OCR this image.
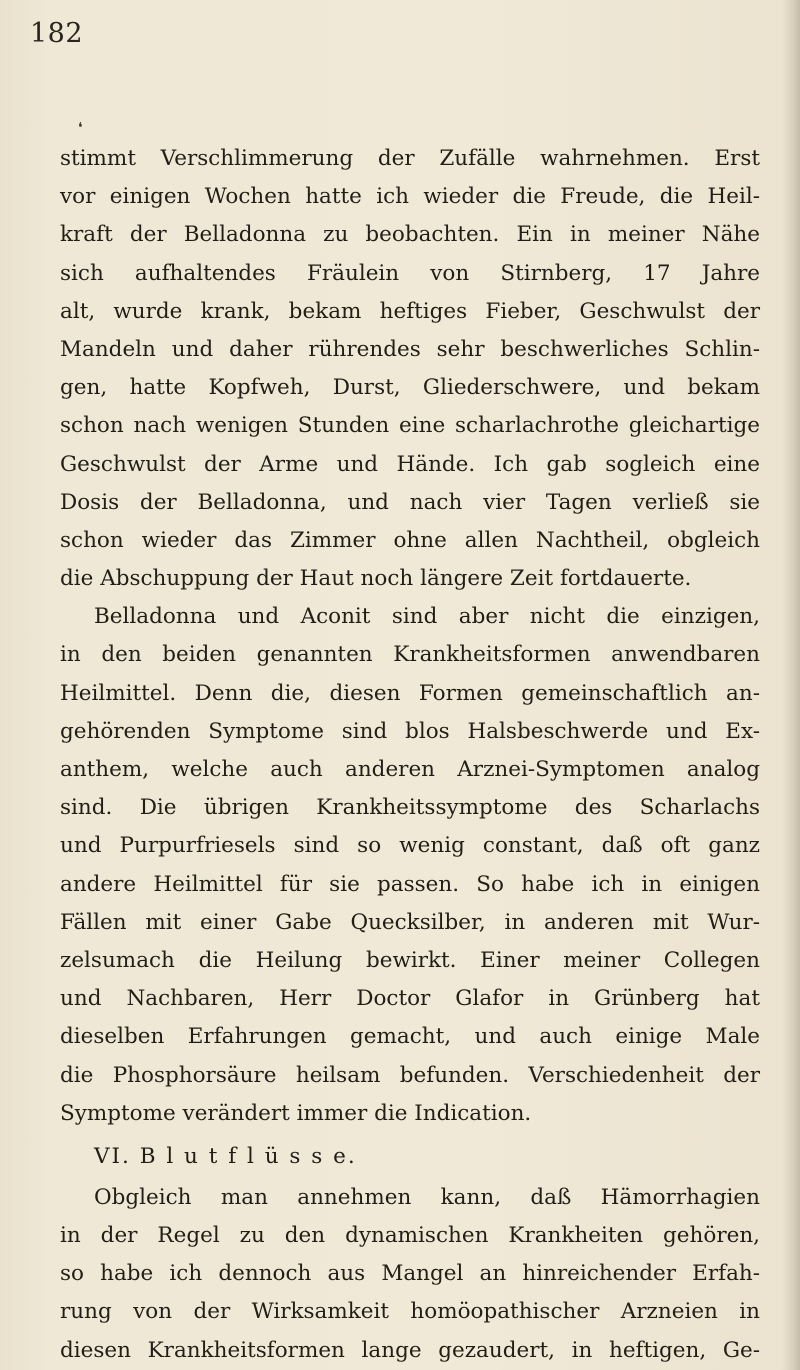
182
❛
stimmt Verschlimmerung der Zufälle wahrnehmen. Erst
vor einigen Wochen hatte ich wieder die Freude, die Heil-
kraft der Belladonna zu beobachten. Ein in meiner Nähe
sich aufhaltendes Fräulein von Stirnberg, 17 Jahre
alt, wurde krank, bekam heftiges Fieber, Geschwulst der
Mandeln und daher rührendes sehr beschwerliches Schlin-
gen, hatte Kopfweh, Durst, Gliederschwere, und bekam
schon nach wenigen Stunden eine scharlachrothe gleichartige
Geschwulst der Arme und Hände. Ich gab sogleich eine
Dosis der Belladonna, und nach vier Tagen verließ sie
schon wieder das Zimmer ohne allen Nachtheil, obgleich
die Abschuppung der Haut noch längere Zeit fortdauerte.
Belladonna und Aconit sind aber nicht die einzigen,
in den beiden genannten Krankheitsformen anwendbaren
Heilmittel. Denn die, diesen Formen gemeinschaftlich an-
gehörenden Symptome sind blos Halsbeschwerde und Ex-
anthem, welche auch anderen Arznei-Symptomen analog
sind. Die übrigen Krankheitssymptome des Scharlachs
und Purpurfriesels sind so wenig constant, daß oft ganz
andere Heilmittel für sie passen. So habe ich in einigen
Fällen mit einer Gabe Quecksilber, in anderen mit Wur-
zelsumach die Heilung bewirkt. Einer meiner Collegen
und Nachbaren, Herr Doctor Glafor in Grünberg hat
dieselben Erfahrungen gemacht, und auch einige Male
die Phosphorsäure heilsam befunden. Verschiedenheit der
Symptome verändert immer die Indication.
VI. B l u t f l ü s s e.
Obgleich man annehmen kann, daß Hämorrhagien
in der Regel zu den dynamischen Krankheiten gehören,
so habe ich dennoch aus Mangel an hinreichender Erfah-
rung von der Wirksamkeit homöopathischer Arzneien in
diesen Krankheitsformen lange gezaudert, in heftigen, Ge-
